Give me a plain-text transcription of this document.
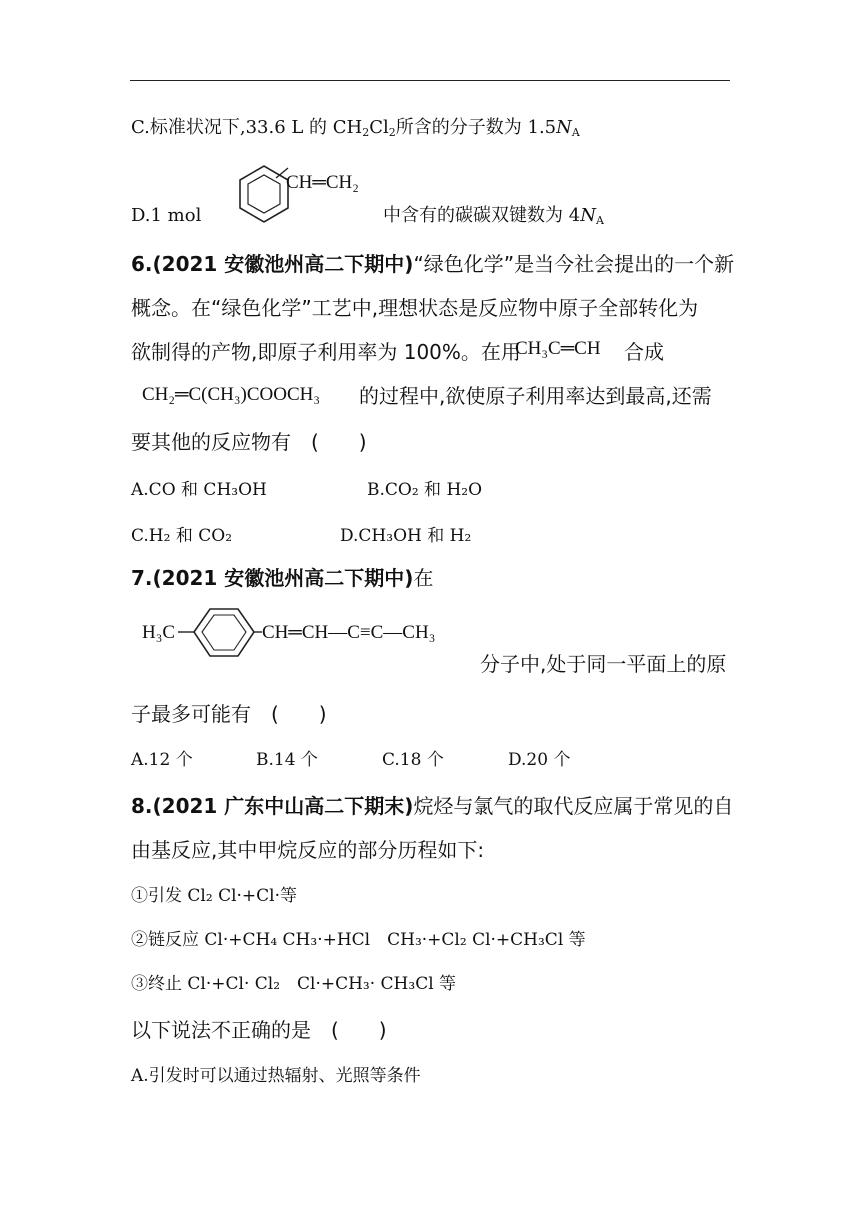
C.标准状况下,33.6 L 的 $CH_2Cl_2$所含的分子数为 $1.5N_A$
D.1 mol
CH═CH₂
中含有的碳碳双键数为 $4N_A$
6.(2021 安徽池州高二下期中)“绿色化学”是当今社会提出的一个新
概念。在“绿色化学”工艺中,理想状态是反应物中原子全部转化为
欲制得的产物,即原子利用率为 100%。在用
CH₃C═CH 合成
CH₂═C(CH₃)COOCH₃ 的过程中,欲使原子利用率达到最高,还需
要其他的反应物有　(　　)
A.CO 和 CH₃OH	B.CO₂ 和 H₂O
C.H₂ 和 CO₂	D.CH₃OH 和 H₂
7.(2021 安徽池州高二下期中)在
H₃C	CH═CH—C≡C—CH₃
分子中,处于同一平面上的原
子最多可能有　(　　)
A.12 个	B.14 个	C.18 个	D.20 个
8.(2021 广东中山高二下期末)烷烃与氯气的取代反应属于常见的自
由基反应,其中甲烷反应的部分历程如下:
①引发 Cl₂ Cl·+Cl·等
②链反应 Cl·+CH₄ CH₃·+HCl　CH₃·+Cl₂ Cl·+CH₃Cl 等
③终止 Cl·+Cl· Cl₂　Cl·+CH₃· CH₃Cl 等
以下说法不正确的是　(　　)
A.引发时可以通过热辐射、光照等条件
